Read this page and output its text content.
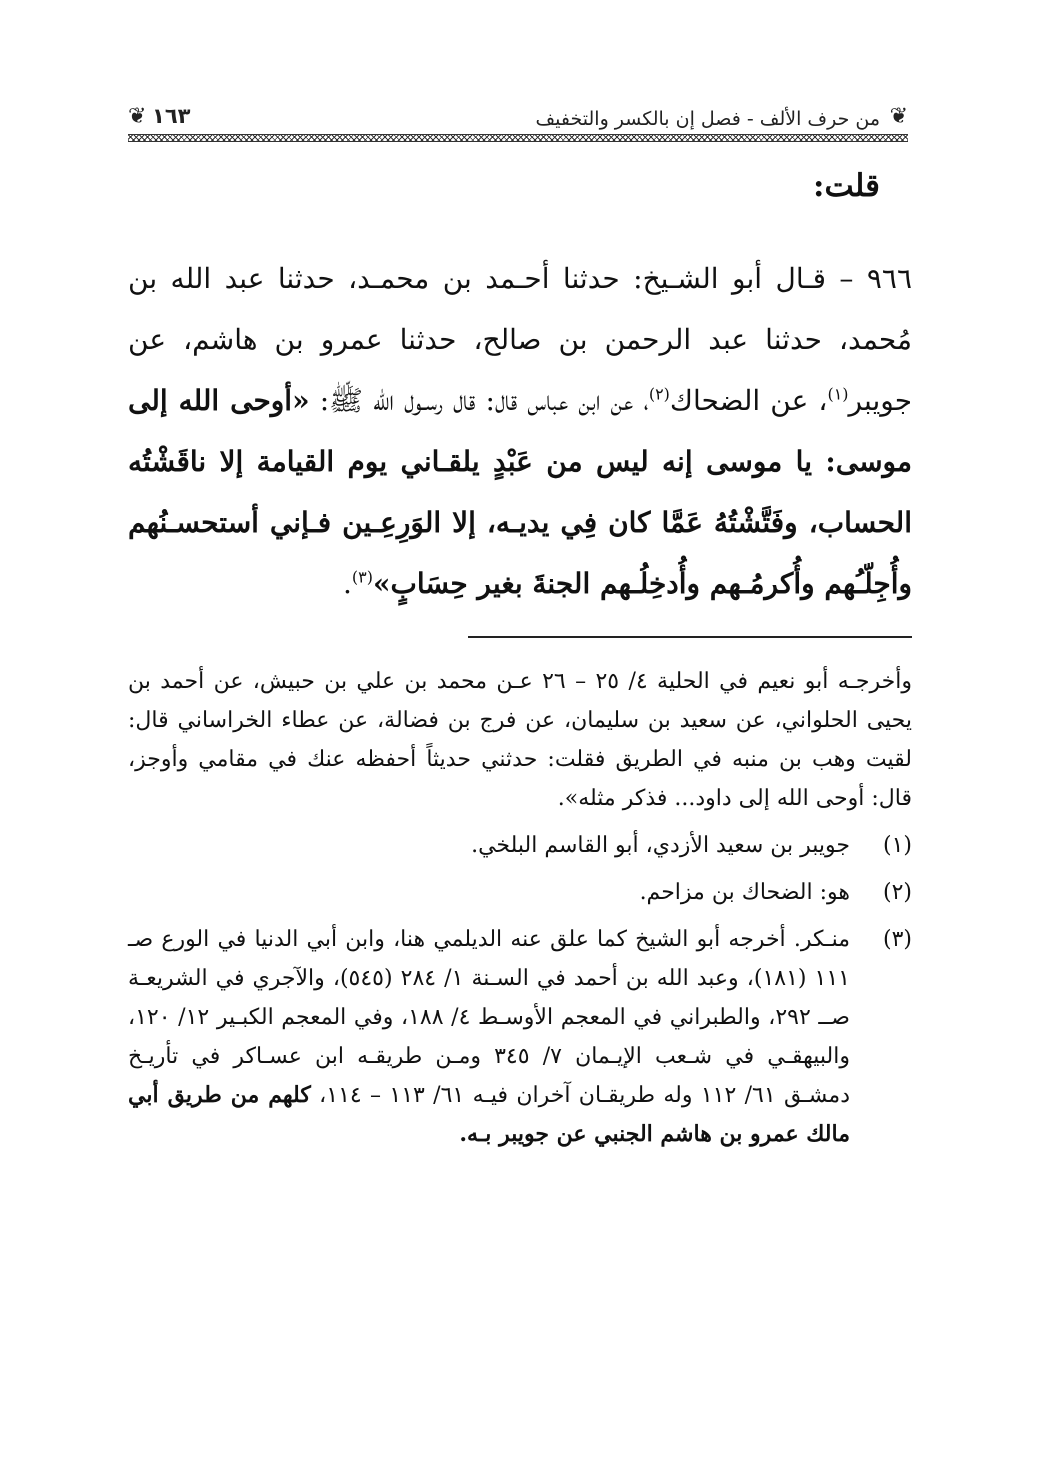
❦
من حرف الألف - فصل إن بالكسر والتخفيف
١٦٣
❦
قلت:

٩٦٦ – قـال أبو الشـيخ: حدثنا أحـمد بن محمـد، حدثنا عبد الله بن مُحمد، حدثنا عبد الرحمن بن صالح، حدثنا عمرو بن هاشم، عن جويبر$^{(١)}$، عن الضحاك$^{(٢)}$، عن ابن عباس قال: قال رسـول الله ﷺ: «أوحى الله إلى موسى: يا موسى إنه ليس من عَبْدٍ يلقـاني يوم القيامة إلا ناقَشْتُه الحساب، وفَتَّشْتُهُ عَمَّا كان فِي يديـه، إلا الوَرِعِـين فـإني أستحسـنُهم وأُجِلّـُهم وأُكرمُـهم وأُدخِلُـهم الجنةَ بغير حِسَابٍ»$^{(٣)}$.

وأخرجـه أبو نعيم في الحلية ٤/ ٢٥ – ٢٦ عـن محمد بن علي بن حبيش، عن أحمد بن يحيى الحلواني، عن سعيد بن سليمان، عن فرج بن فضالة، عن عطاء الخراساني قال: لقيت وهب بن منبه في الطريق فقلت: حدثني حديثاً أحفظه عنك في مقامي وأوجز، قال: أوحى الله إلى داود... فذكر مثله».

(١)
جويبر بن سعيد الأزدي، أبو القاسم البلخي.
(٢)
هو: الضحاك بن مزاحم.
(٣)
منـكر. أخرجه أبو الشيخ كما علق عنه الديلمي هنا، وابن أبي الدنيا في الورع صـ ١١١ (١٨١)، وعبد الله بن أحمد في السـنة ١/ ٢٨٤ (٥٤٥)، والآجري في الشريعـة صــ ٢٩٢، والطبراني في المعجم الأوسـط ٤/ ١٨٨، وفي المعجم الكبـير ١٢/ ١٢٠، والبيهقـي في شـعب الإيـمان ٧/ ٣٤٥ ومـن طريقـه ابن عسـاكر في تأريـخ دمشـق ٦١/ ١١٢ وله طريقـان آخران فيـه ٦١/ ١١٣ – ١١٤، كلهم من طريق أبي مالك عمرو بن هاشم الجنبي عن جويبر بـه.
